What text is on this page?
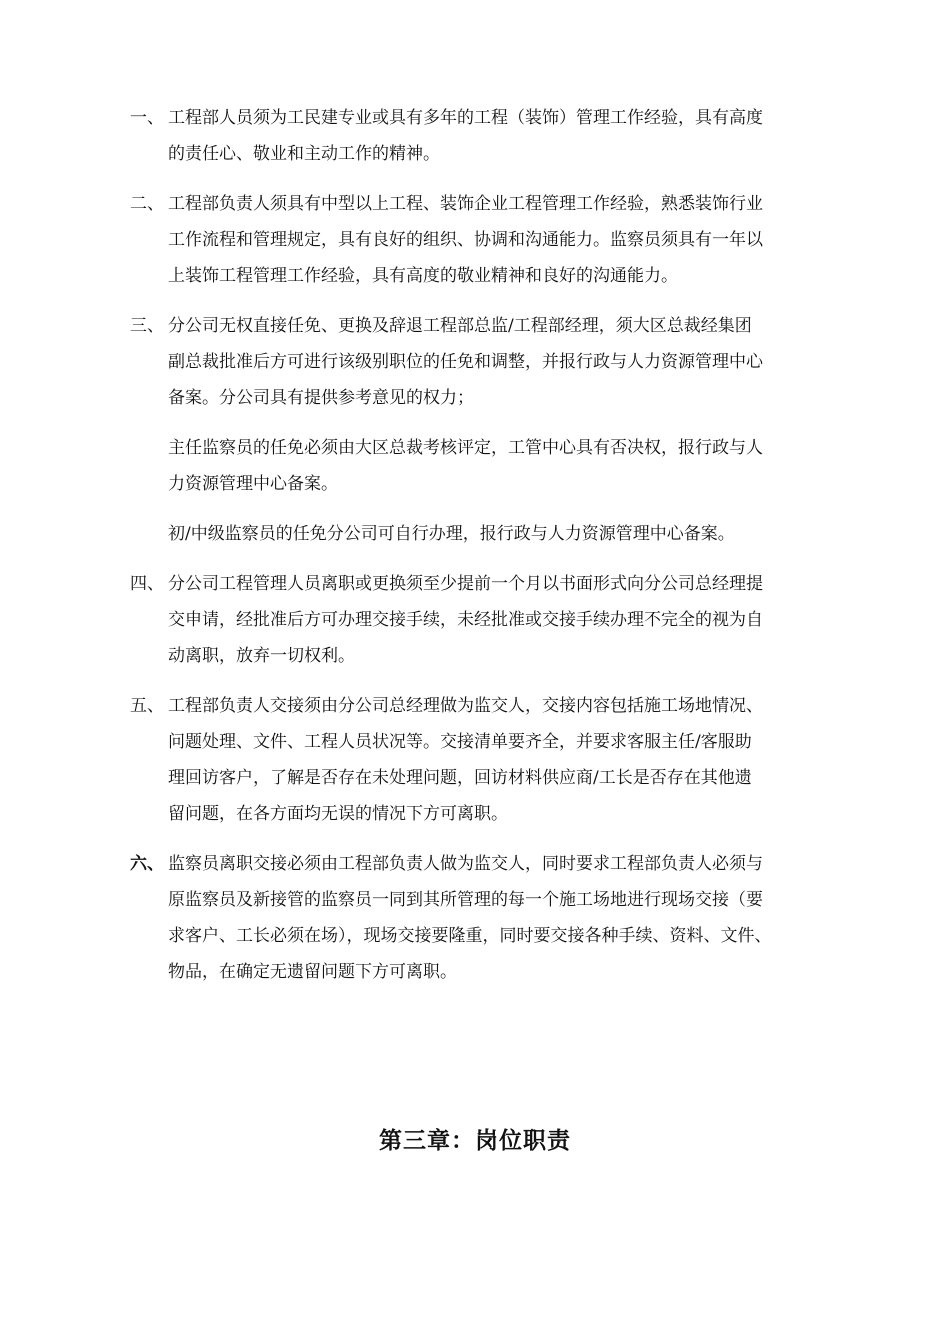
一、 工程部人员须为工民建专业或具有多年的工程（装饰）管理工作经验，具有高度
的责任心、敬业和主动工作的精神。

二、 工程部负责人须具有中型以上工程、装饰企业工程管理工作经验，熟悉装饰行业
工作流程和管理规定，具有良好的组织、协调和沟通能力。监察员须具有一年以
上装饰工程管理工作经验，具有高度的敬业精神和良好的沟通能力。

三、 分公司无权直接任免、更换及辞退工程部总监/工程部经理，须大区总裁经集团
副总裁批准后方可进行该级别职位的任免和调整，并报行政与人力资源管理中心
备案。分公司具有提供参考意见的权力；

主任监察员的任免必须由大区总裁考核评定，工管中心具有否决权，报行政与人
力资源管理中心备案。

初/中级监察员的任免分公司可自行办理，报行政与人力资源管理中心备案。

四、 分公司工程管理人员离职或更换须至少提前一个月以书面形式向分公司总经理提
交申请，经批准后方可办理交接手续，未经批准或交接手续办理不完全的视为自
动离职，放弃一切权利。

五、 工程部负责人交接须由分公司总经理做为监交人，交接内容包括施工场地情况、
问题处理、文件、工程人员状况等。交接清单要齐全，并要求客服主任/客服助
理回访客户，了解是否存在未处理问题，回访材料供应商/工长是否存在其他遗
留问题，在各方面均无误的情况下方可离职。

六、 监察员离职交接必须由工程部负责人做为监交人，同时要求工程部负责人必须与
原监察员及新接管的监察员一同到其所管理的每一个施工场地进行现场交接（要
求客户、工长必须在场），现场交接要隆重，同时要交接各种手续、资料、文件、
物品，在确定无遗留问题下方可离职。

第三章：岗位职责
